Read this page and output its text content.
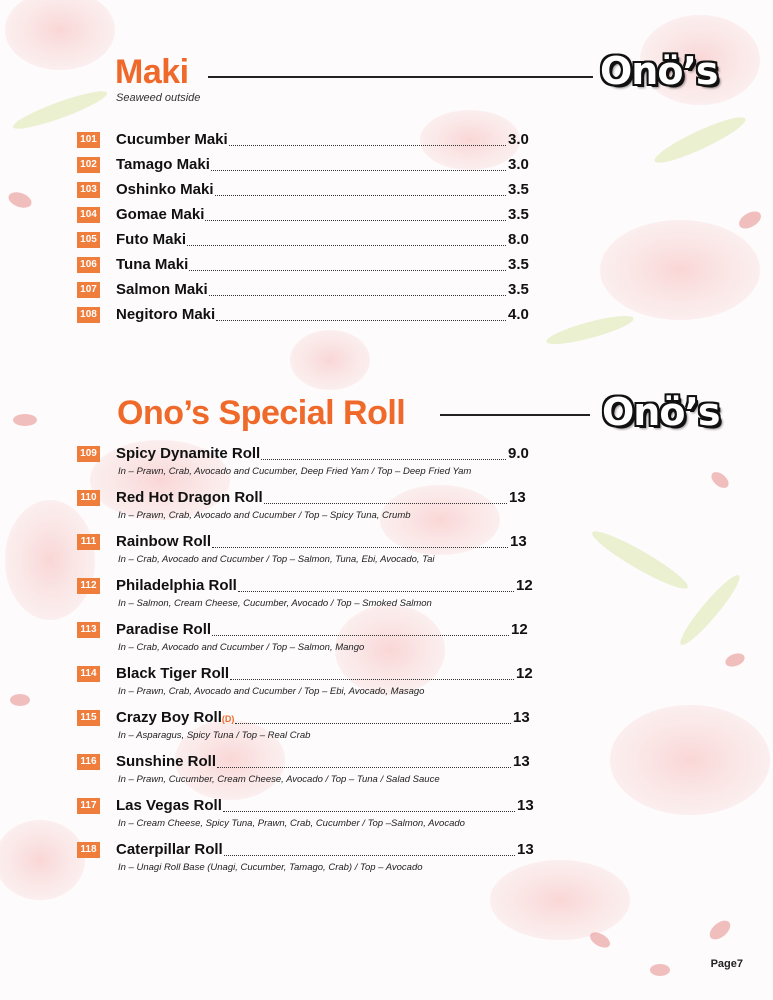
Maki
Seaweed outside
Onö’s
101 Cucumber Maki	3.0
102 Tamago Maki	3.0
103 Oshinko Maki	3.5
104 Gomae Maki	3.5
105 Futo Maki	8.0
106 Tuna Maki	3.5
107 Salmon Maki	3.5
108 Negitoro Maki	4.0
Ono’s Special Roll	Onö’s
109 Spicy Dynamite Roll	9.0
In – Prawn, Crab, Avocado and Cucumber, Deep Fried Yam / Top – Deep Fried Yam
110 Red Hot Dragon Roll	13
In – Prawn, Crab, Avocado and Cucumber / Top – Spicy Tuna, Crumb
111 Rainbow Roll	13
In – Crab, Avocado and Cucumber / Top – Salmon, Tuna, Ebi, Avocado, Tai
112 Philadelphia Roll	12
In – Salmon, Cream Cheese, Cucumber, Avocado / Top – Smoked Salmon
113 Paradise Roll	12
In – Crab, Avocado and Cucumber / Top – Salmon, Mango
114 Black Tiger Roll	12
In – Prawn, Crab, Avocado and Cucumber / Top – Ebi, Avocado, Masago
115 Crazy Boy Roll(D)	13
In – Asparagus, Spicy Tuna / Top – Real Crab
116 Sunshine Roll	13
In – Prawn, Cucumber, Cream Cheese, Avocado / Top – Tuna / Salad Sauce
117 Las Vegas Roll	13
In – Cream Cheese, Spicy Tuna, Prawn, Crab, Cucumber / Top –Salmon, Avocado
118 Caterpillar Roll	13
In – Unagi Roll Base (Unagi, Cucumber, Tamago, Crab) / Top – Avocado
Page7
